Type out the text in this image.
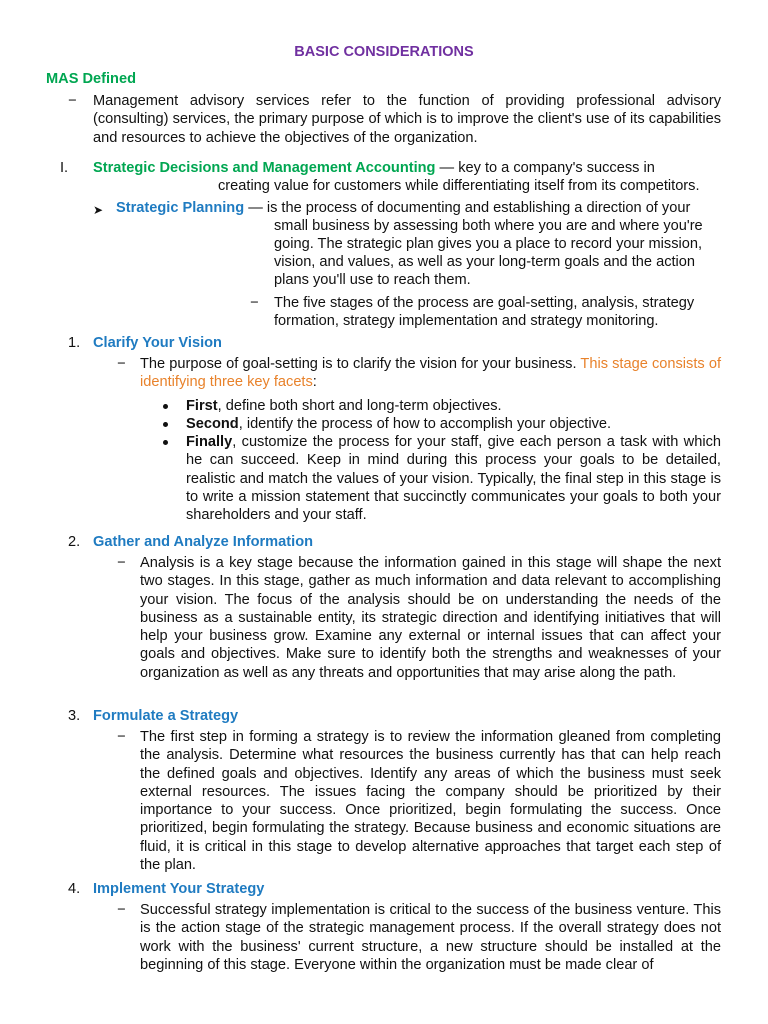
BASIC CONSIDERATIONS
MAS Defined
−	Management advisory services refer to the function of providing professional advisory (consulting) services, the primary purpose of which is to improve the client's use of its capabilities and resources to achieve the objectives of the organization.
I. Strategic Decisions and Management Accounting — key to a company's success in
creating value for customers while differentiating itself from its competitors.
➤ Strategic Planning — is the process of documenting and establishing a direction of your
small business by assessing both where you are and where you're
going. The strategic plan gives you a place to record your mission,
vision, and values, as well as your long-term goals and the action
plans you'll use to reach them.
−	The five stages of the process are goal-setting, analysis, strategy
formation, strategy implementation and strategy monitoring.
1. Clarify Your Vision
− The purpose of goal-setting is to clarify the vision for your business. This stage consists of identifying three key facets:
First, define both short and long-term objectives.
Second, identify the process of how to accomplish your objective.
Finally, customize the process for your staff, give each person a task with which he can succeed. Keep in mind during this process your goals to be detailed, realistic and match the values of your vision. Typically, the final step in this stage is to write a mission statement that succinctly communicates your goals to both your shareholders and your staff.
2. Gather and Analyze Information
− Analysis is a key stage because the information gained in this stage will shape the next two stages. In this stage, gather as much information and data relevant to accomplishing your vision. The focus of the analysis should be on understanding the needs of the business as a sustainable entity, its strategic direction and identifying initiatives that will help your business grow. Examine any external or internal issues that can affect your goals and objectives. Make sure to identify both the strengths and weaknesses of your organization as well as any threats and opportunities that may arise along the path.
3. Formulate a Strategy
− The first step in forming a strategy is to review the information gleaned from completing the analysis. Determine what resources the business currently has that can help reach the defined goals and objectives. Identify any areas of which the business must seek external resources. The issues facing the company should be prioritized by their importance to your success. Once prioritized, begin formulating the success. Once prioritized, begin formulating the strategy. Because business and economic situations are fluid, it is critical in this stage to develop alternative approaches that target each step of the plan.
4. Implement Your Strategy
− Successful strategy implementation is critical to the success of the business venture. This is the action stage of the strategic management process. If the overall strategy does not work with the business' current structure, a new structure should be installed at the beginning of this stage. Everyone within the organization must be made clear of
